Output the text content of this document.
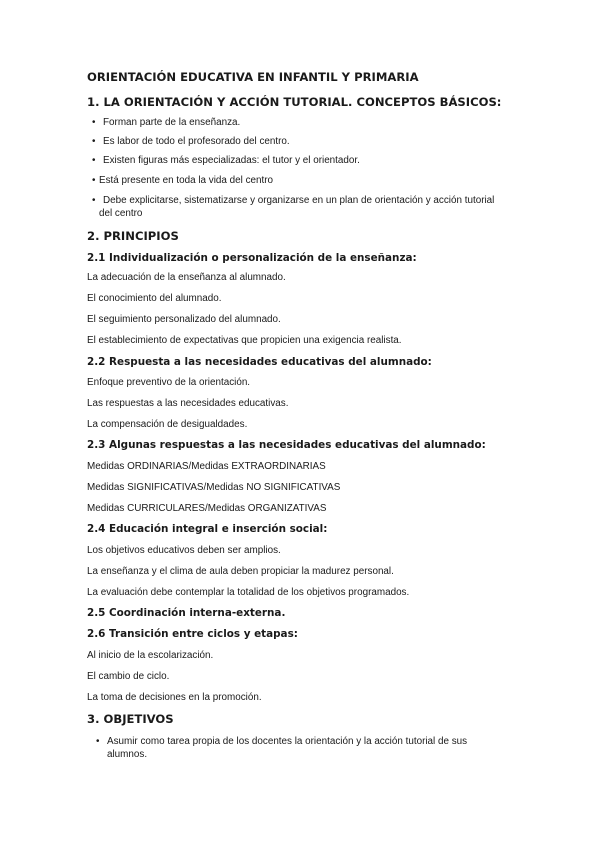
ORIENTACIÓN EDUCATIVA EN INFANTIL Y PRIMARIA
1. LA ORIENTACIÓN Y ACCIÓN TUTORIAL. CONCEPTOS BÁSICOS:
• Forman parte de la enseñanza.
• Es labor de todo el profesorado del centro.
• Existen figuras más especializadas: el tutor y el orientador.
• Está presente en toda la vida del centro
• Debe explicitarse, sistematizarse y organizarse en un plan de orientación y acción tutorial
del centro
2. PRINCIPIOS
2.1 Individualización o personalización de la enseñanza:

La adecuación de la enseñanza al alumnado.

El conocimiento del alumnado.

El seguimiento personalizado del alumnado.

El establecimiento de expectativas que propicien una exigencia realista.

2.2 Respuesta a las necesidades educativas del alumnado:

Enfoque preventivo de la orientación.

Las respuestas a las necesidades educativas.

La compensación de desigualdades.

2.3 Algunas respuestas a las necesidades educativas del alumnado:

Medidas ORDINARIAS/Medidas EXTRAORDINARIAS

Medidas SIGNIFICATIVAS/Medidas NO SIGNIFICATIVAS

Medidas CURRICULARES/Medidas ORGANIZATIVAS

2.4 Educación integral e inserción social:

Los objetivos educativos deben ser amplios.

La enseñanza y el clima de aula deben propiciar la madurez personal.

La evaluación debe contemplar la totalidad de los objetivos programados.

2.5 Coordinación interna-externa.
2.6 Transición entre ciclos y etapas:

Al inicio de la escolarización.

El cambio de ciclo.

La toma de decisiones en la promoción.

3. OBJETIVOS
• Asumir como tarea propia de los docentes la orientación y la acción tutorial de sus
alumnos.
